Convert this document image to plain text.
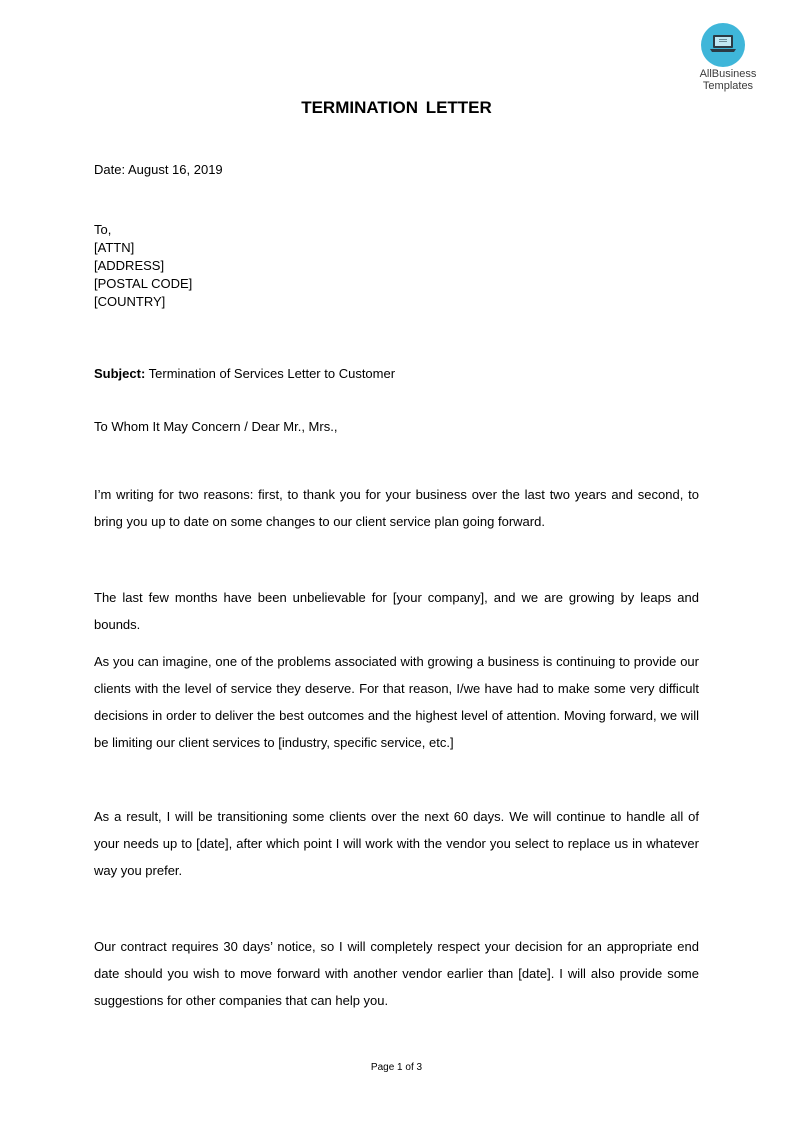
AllBusiness
Templates
TERMINATION LETTER
Date: August 16, 2019
To,
[ATTN]
[ADDRESS]
[POSTAL CODE]
[COUNTRY]
Subject: Termination of Services Letter to Customer
To Whom It May Concern / Dear Mr., Mrs.,
I’m writing for two reasons: first, to thank you for your business over the last two years and second, to bring you up to date on some changes to our client service plan going forward.
The last few months have been unbelievable for [your company], and we are growing by leaps and bounds.
As you can imagine, one of the problems associated with growing a business is continuing to provide our clients with the level of service they deserve. For that reason, I/we have had to make some very difficult decisions in order to deliver the best outcomes and the highest level of attention. Moving forward, we will be limiting our client services to [industry, specific service, etc.]
As a result, I will be transitioning some clients over the next 60 days. We will continue to handle all of your needs up to [date], after which point I will work with the vendor you select to replace us in whatever way you prefer.
Our contract requires 30 days’ notice, so I will completely respect your decision for an appropriate end date should you wish to move forward with another vendor earlier than [date]. I will also provide some suggestions for other companies that can help you.
Page 1 of 3
